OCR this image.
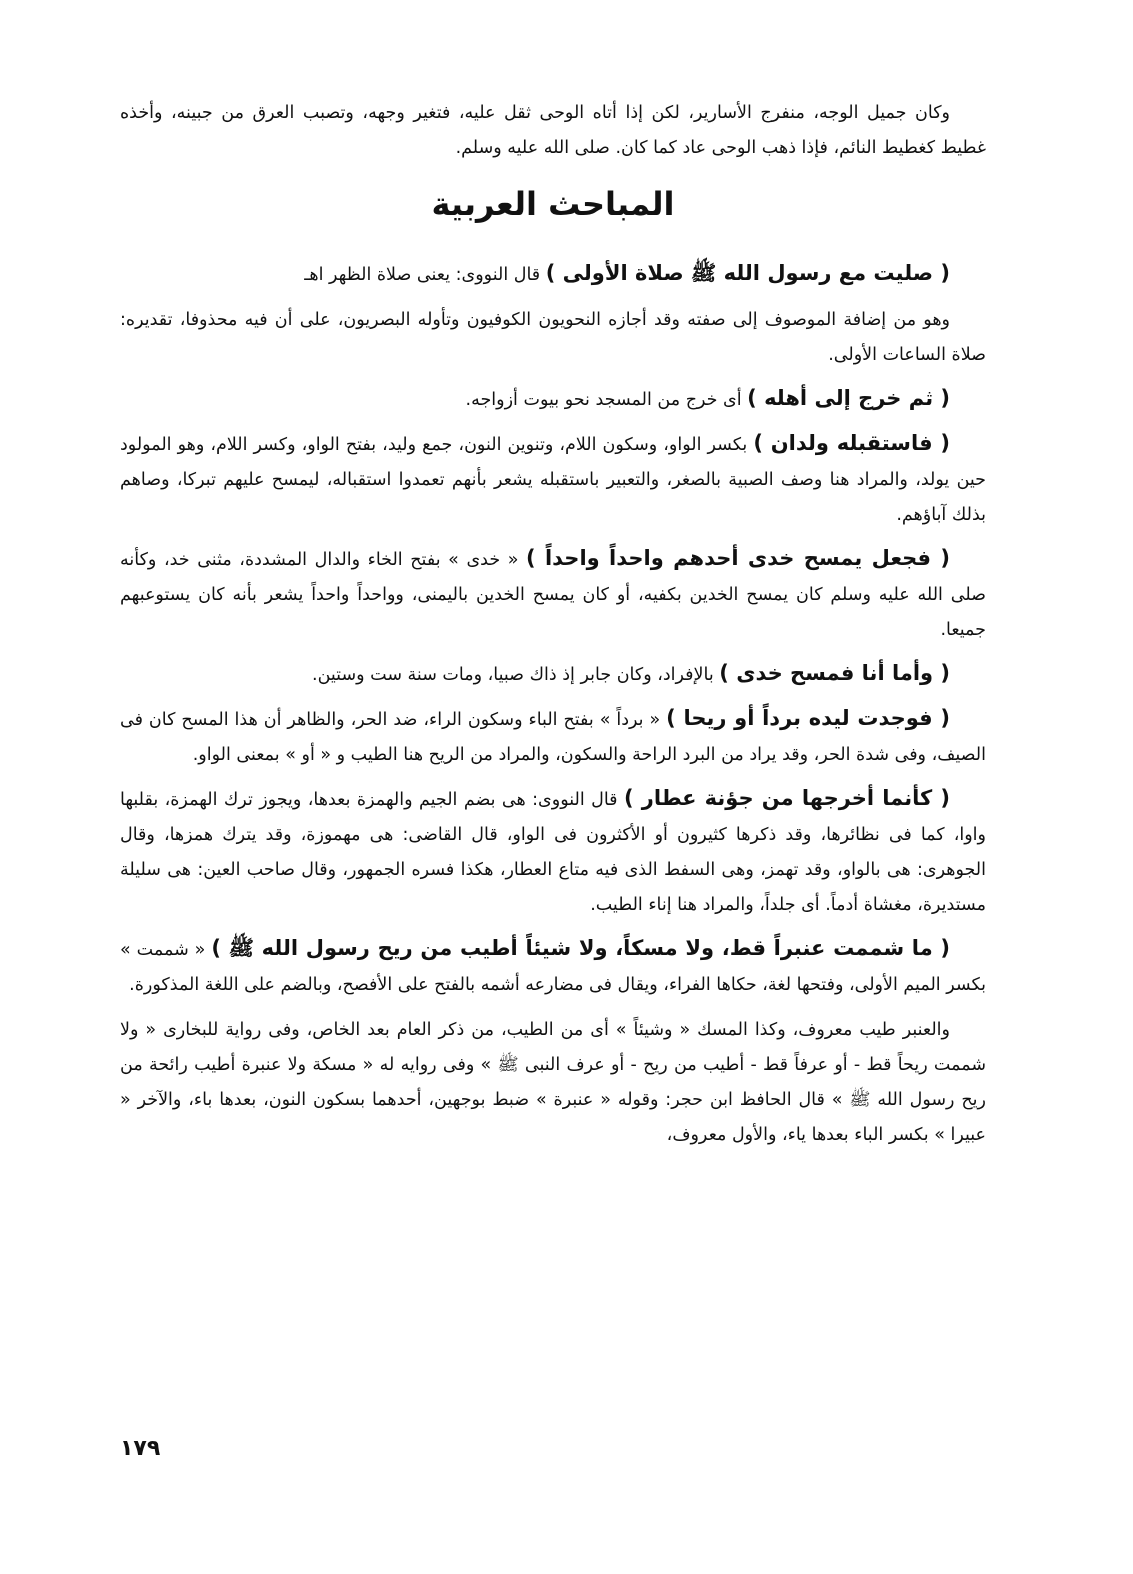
وكان جميل الوجه، منفرج الأسارير، لكن إذا أتاه الوحى ثقل عليه، فتغير وجهه، وتصبب العرق من جبينه، وأخذه غطيط كغطيط النائم، فإذا ذهب الوحى عاد كما كان. صلى الله عليه وسلم.

المباحث العربية

( صليت مع رسول الله ﷺ صلاة الأولى ) قال النووى: يعنى صلاة الظهر اهـ

وهو من إضافة الموصوف إلى صفته وقد أجازه النحويون الكوفيون وتأوله البصريون، على أن فيه محذوفا، تقديره: صلاة الساعات الأولى.

( ثم خرج إلى أهله ) أى خرج من المسجد نحو بيوت أزواجه.

( فاستقبله ولدان ) بكسر الواو، وسكون اللام، وتنوين النون، جمع وليد، بفتح الواو، وكسر اللام، وهو المولود حين يولد، والمراد هنا وصف الصبية بالصغر، والتعبير باستقبله يشعر بأنهم تعمدوا استقباله، ليمسح عليهم تبركا، وصاهم بذلك آباؤهم.

( فجعل يمسح خدى أحدهم واحداً واحداً ) « خدى » بفتح الخاء والدال المشددة، مثنى خد، وكأنه صلى الله عليه وسلم كان يمسح الخدين بكفيه، أو كان يمسح الخدين باليمنى، وواحداً واحداً يشعر بأنه كان يستوعبهم جميعا.

( وأما أنا فمسح خدى ) بالإفراد، وكان جابر إذ ذاك صبيا، ومات سنة ست وستين.

( فوجدت ليده برداً أو ريحا ) « برداً » بفتح الباء وسكون الراء، ضد الحر، والظاهر أن هذا المسح كان فى الصيف، وفى شدة الحر، وقد يراد من البرد الراحة والسكون، والمراد من الريح هنا الطيب و « أو » بمعنى الواو.

( كأنما أخرجها من جؤنة عطار ) قال النووى: هى بضم الجيم والهمزة بعدها، ويجوز ترك الهمزة، بقلبها واوا، كما فى نظائرها، وقد ذكرها كثيرون أو الأكثرون فى الواو، قال القاضى: هى مهموزة، وقد يترك همزها، وقال الجوهرى: هى بالواو، وقد تهمز، وهى السفط الذى فيه متاع العطار، هكذا فسره الجمهور، وقال صاحب العين: هى سليلة مستديرة، مغشاة أدماً. أى جلداً، والمراد هنا إناء الطيب.

( ما شممت عنبراً قط، ولا مسكاً، ولا شيئاً أطيب من ريح رسول الله ﷺ ) « شممت » بكسر الميم الأولى، وفتحها لغة، حكاها الفراء، ويقال فى مضارعه أشمه بالفتح على الأفصح، وبالضم على اللغة المذكورة.

والعنبر طيب معروف، وكذا المسك « وشيئاً » أى من الطيب، من ذكر العام بعد الخاص، وفى رواية للبخارى « ولا شممت ريحاً قط - أو عرفاً قط - أطيب من ريح - أو عرف النبى ﷺ » وفى روايه له « مسكة ولا عنبرة أطيب رائحة من ريح رسول الله ﷺ » قال الحافظ ابن حجر: وقوله « عنبرة » ضبط بوجهين، أحدهما بسكون النون، بعدها باء، والآخر « عبيرا » بكسر الباء بعدها ياء، والأول معروف،

١٧٩
